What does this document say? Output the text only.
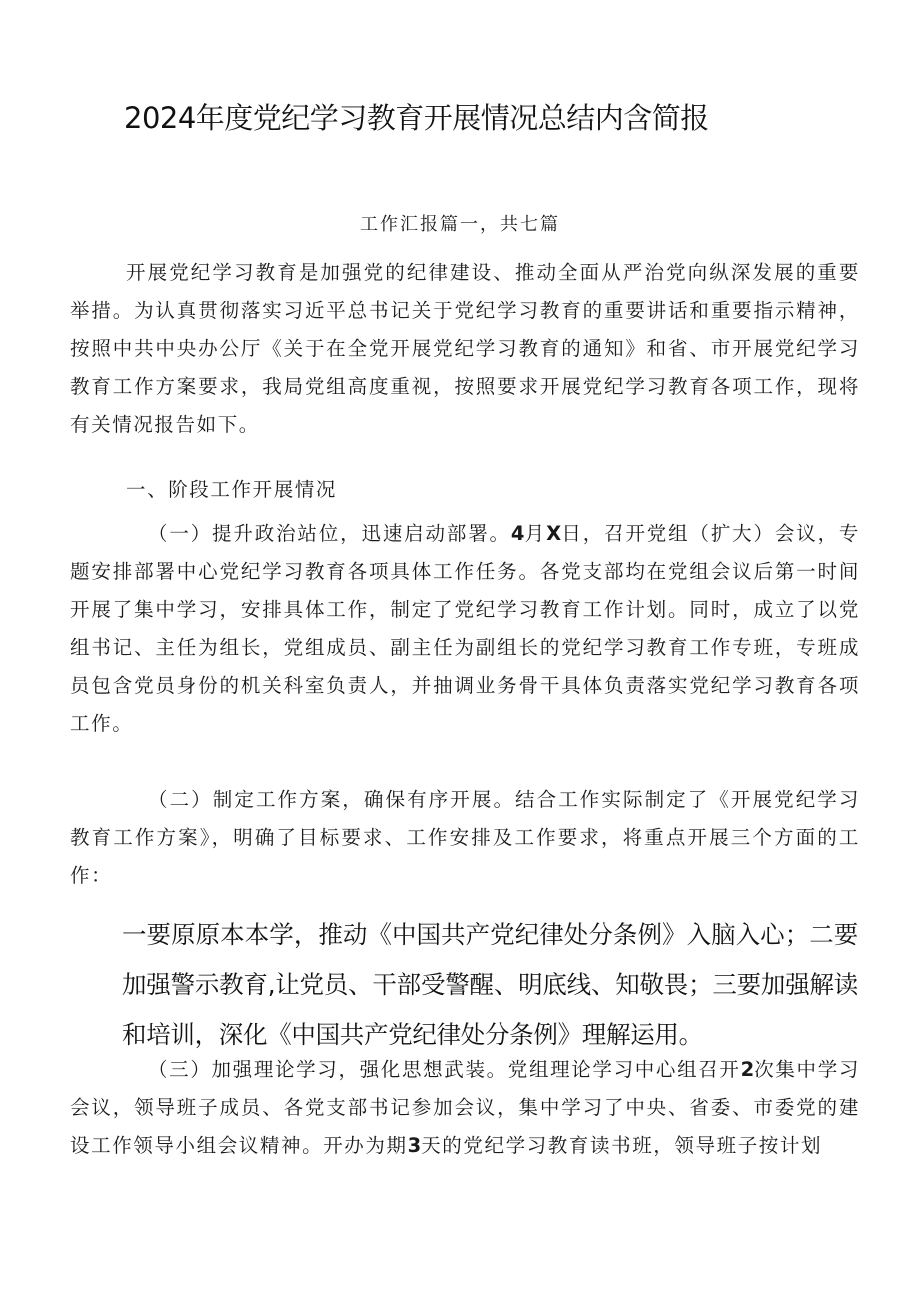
2024年度党纪学习教育开展情况总结内含简报
工作汇报篇一，共七篇

开展党纪学习教育是加强党的纪律建设、推动全面从严治党向纵深发展的重要举措。为认真贯彻落实习近平总书记关于党纪学习教育的重要讲话和重要指示精神，按照中共中央办公厅《关于在全党开展党纪学习教育的通知》和省、市开展党纪学习教育工作方案要求，我局党组高度重视，按照要求开展党纪学习教育各项工作，现将有关情况报告如下。

一、阶段工作开展情况

（一）提升政治站位，迅速启动部署。4月X日，召开党组（扩大）会议，专题安排部署中心党纪学习教育各项具体工作任务。各党支部均在党组会议后第一时间开展了集中学习，安排具体工作，制定了党纪学习教育工作计划。同时，成立了以党组书记、主任为组长，党组成员、副主任为副组长的党纪学习教育工作专班，专班成员包含党员身份的机关科室负责人，并抽调业务骨干具体负责落实党纪学习教育各项工作。

（二）制定工作方案，确保有序开展。结合工作实际制定了《开展党纪学习教育工作方案》，明确了目标要求、工作安排及工作要求，将重点开展三个方面的工作：

一要原原本本学，推动《中国共产党纪律处分条例》入脑入心；二要加强警示教育,让党员、干部受警醒、明底线、知敬畏；三要加强解读和培训，深化《中国共产党纪律处分条例》理解运用。

（三）加强理论学习，强化思想武装。党组理论学习中心组召开2次集中学习会议，领导班子成员、各党支部书记参加会议，集中学习了中央、省委、市委党的建设工作领导小组会议精神。开办为期3天的党纪学习教育读书班，领导班子按计划
